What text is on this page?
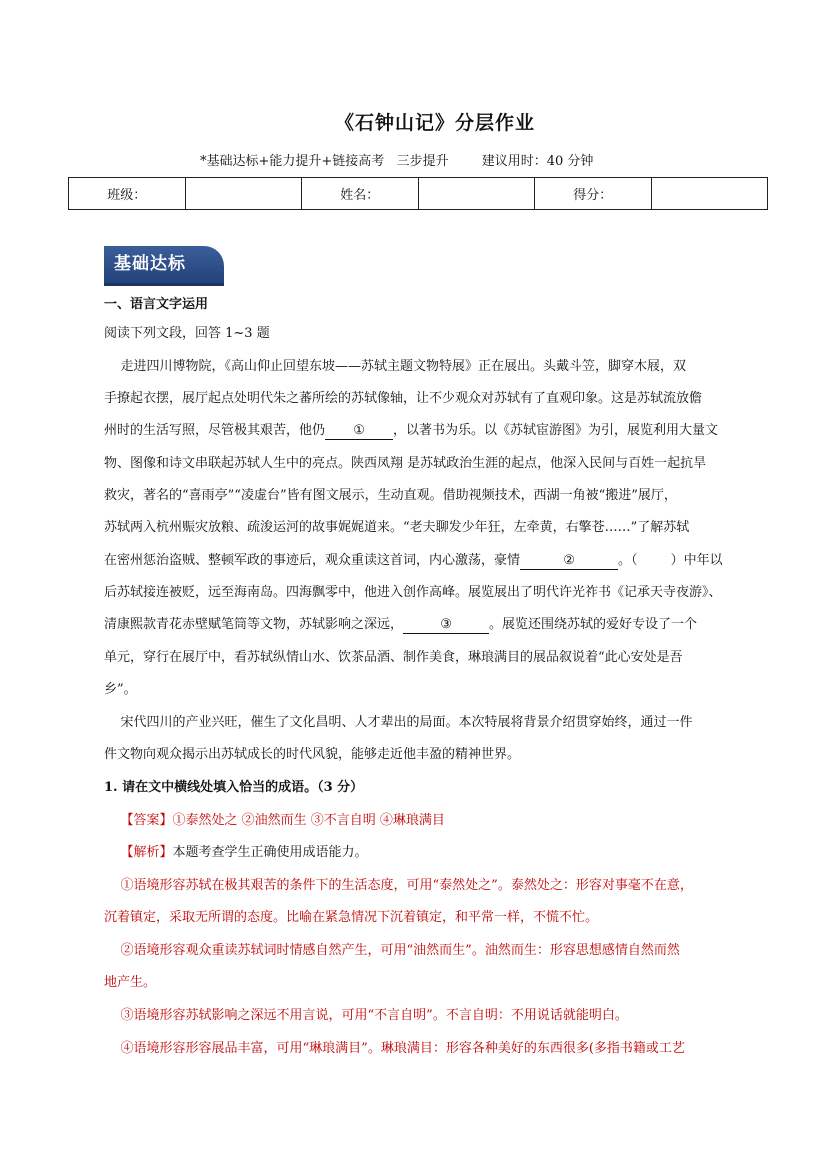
《石钟山记》分层作业
*基础达标+能力提升+链接高考   三步提升        建议用时：40 分钟
班级：		姓名：		得分：	
基础达标
一、语言文字运用
阅读下列文段，回答 1~3 题
走进四川博物院，《高山仰止回望东坡——苏轼主题文物特展》正在展出。头戴斗笠，脚穿木屐，双
手撩起衣摆，展厅起点处明代朱之蕃所绘的苏轼像轴，让不少观众对苏轼有了直观印象。这是苏轼流放儋
州时的生活写照，尽管极其艰苦，他仍 ① ，以著书为乐。以《苏轼宦游图》为引，展览利用大量文
物、图像和诗文串联起苏轼人生中的亮点。陕西凤翔 是苏轼政治生涯的起点，他深入民间与百姓一起抗旱
救灾，著名的“喜雨亭”“凌虚台”皆有图文展示，生动直观。借助视频技术，西湖一角被“搬进”展厅，
苏轼两入杭州赈灾放粮、疏浚运河的故事娓娓道来。“老夫聊发少年狂，左牵黄，右擎苍……”了解苏轼
在密州惩治盗贼、整顿军政的事迹后，观众重读这首词，内心激荡，豪情	②	。（        ）中年以
后苏轼接连被贬，远至海南岛。四海飘零中，他进入创作高峰。展览展出了明代许光祚书《记承天寺夜游》、
清康熙款青花赤壁赋笔筒等文物，苏轼影响之深远，	③	。展览还围绕苏轼的爱好专设了一个
单元，穿行在展厅中，看苏轼纵情山水、饮茶品酒、制作美食，琳琅满目的展品叙说着“此心安处是吾
乡”。
宋代四川的产业兴旺，催生了文化昌明、人才辈出的局面。本次特展将背景介绍贯穿始终，通过一件
件文物向观众揭示出苏轼成长的时代风貌，能够走近他丰盈的精神世界。
1. 请在文中横线处填入恰当的成语。（3 分）
【答案】①泰然处之 ②油然而生 ③不言自明 ④琳琅满目
【解析】本题考查学生正确使用成语能力。
①语境形容苏轼在极其艰苦的条件下的生活态度，可用“泰然处之”。泰然处之：形容对事毫不在意，
沉着镇定，采取无所谓的态度。比喻在紧急情况下沉着镇定，和平常一样，不慌不忙。
②语境形容观众重读苏轼词时情感自然产生，可用“油然而生”。油然而生：形容思想感情自然而然
地产生。
③语境形容苏轼影响之深远不用言说，可用“不言自明”。不言自明：不用说话就能明白。
④语境形容形容展品丰富，可用“琳琅满目”。琳琅满目：形容各种美好的东西很多(多指书籍或工艺
